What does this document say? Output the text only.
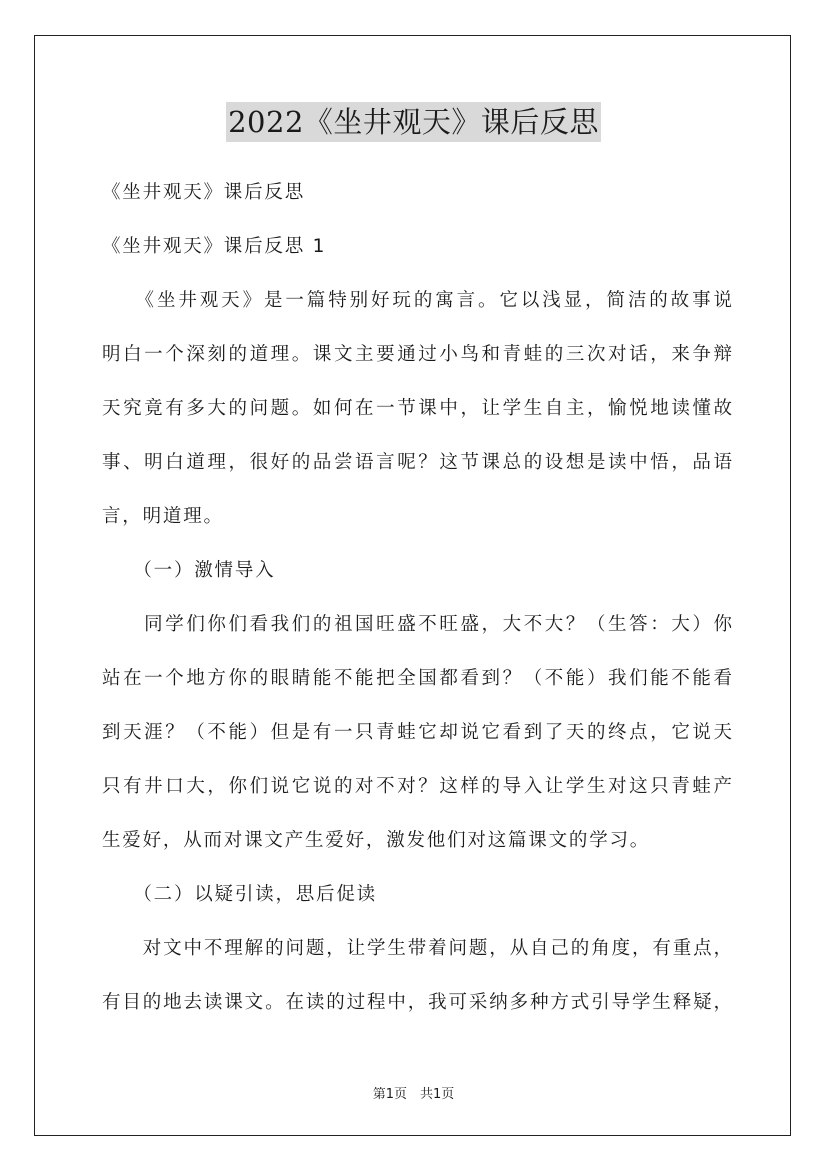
2022《坐井观天》课后反思
《坐井观天》课后反思
《坐井观天》课后反思 1
　　《坐井观天》是一篇特别好玩的寓言。它以浅显，简洁的故事说
明白一个深刻的道理。课文主要通过小鸟和青蛙的三次对话，来争辩
天究竟有多大的问题。如何在一节课中，让学生自主，愉悦地读懂故
事、明白道理，很好的品尝语言呢？这节课总的设想是读中悟，品语
言，明道理。
　　（一）激情导入
　　同学们你们看我们的祖国旺盛不旺盛，大不大？（生答：大）你
站在一个地方你的眼睛能不能把全国都看到？（不能）我们能不能看
到天涯？（不能）但是有一只青蛙它却说它看到了天的终点，它说天
只有井口大，你们说它说的对不对？这样的导入让学生对这只青蛙产
生爱好，从而对课文产生爱好，激发他们对这篇课文的学习。
　　（二）以疑引读，思后促读
　　对文中不理解的问题，让学生带着问题，从自己的角度，有重点，
有目的地去读课文。在读的过程中，我可采纳多种方式引导学生释疑，
第1页　共1页
